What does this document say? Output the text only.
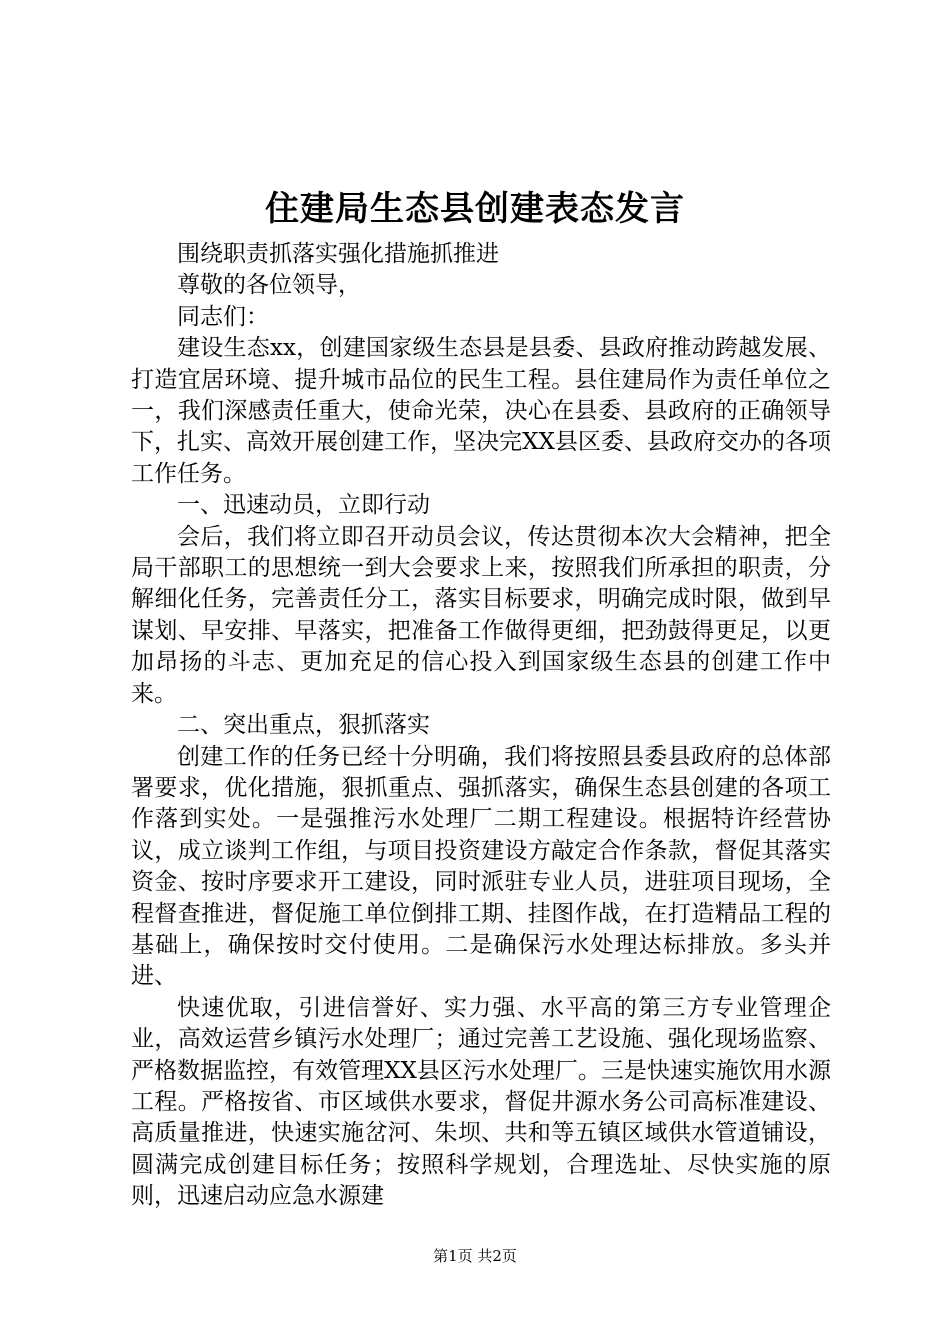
住建局生态县创建表态发言

围绕职责抓落实强化措施抓推进

尊敬的各位领导，

同志们：

建设生态xx，创建国家级生态县是县委、县政府推动跨越发展、打造宜居环境、提升城市品位的民生工程。县住建局作为责任单位之一，我们深感责任重大，使命光荣，决心在县委、县政府的正确领导下，扎实、高效开展创建工作，坚决完XX县区委、县政府交办的各项工作任务。

一、迅速动员，立即行动

会后，我们将立即召开动员会议，传达贯彻本次大会精神，把全局干部职工的思想统一到大会要求上来，按照我们所承担的职责，分解细化任务，完善责任分工，落实目标要求，明确完成时限，做到早谋划、早安排、早落实，把准备工作做得更细，把劲鼓得更足，以更加昂扬的斗志、更加充足的信心投入到国家级生态县的创建工作中来。

二、突出重点，狠抓落实

创建工作的任务已经十分明确，我们将按照县委县政府的总体部署要求，优化措施，狠抓重点、强抓落实，确保生态县创建的各项工作落到实处。一是强推污水处理厂二期工程建设。根据特许经营协议，成立谈判工作组，与项目投资建设方敲定合作条款，督促其落实资金、按时序要求开工建设，同时派驻专业人员，进驻项目现场，全程督查推进，督促施工单位倒排工期、挂图作战，在打造精品工程的基础上，确保按时交付使用。二是确保污水处理达标排放。多头并进、

快速优取，引进信誉好、实力强、水平高的第三方专业管理企业，高效运营乡镇污水处理厂；通过完善工艺设施、强化现场监察、严格数据监控，有效管理XX县区污水处理厂。三是快速实施饮用水源工程。严格按省、市区域供水要求，督促井源水务公司高标准建设、高质量推进，快速实施岔河、朱坝、共和等五镇区域供水管道铺设，圆满完成创建目标任务；按照科学规划，合理选址、尽快实施的原则，迅速启动应急水源建

第1页 共2页
